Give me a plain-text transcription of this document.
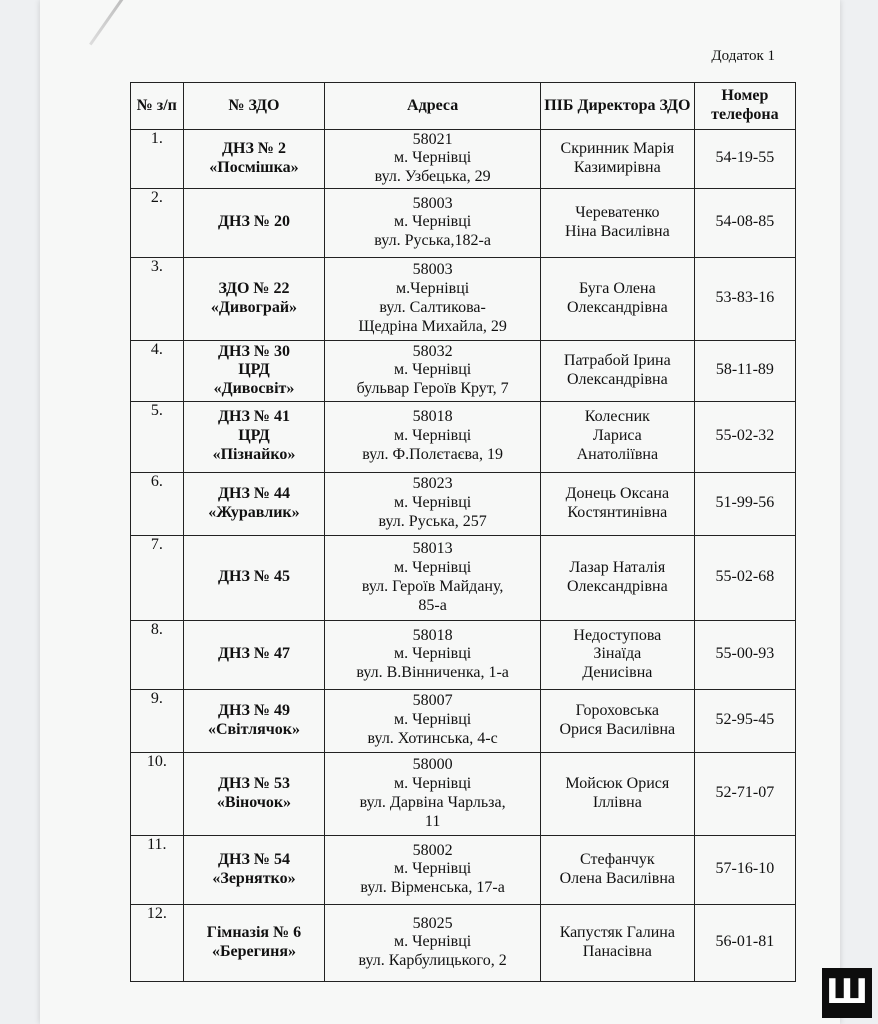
Додаток 1
№ з/п	№ ЗДО	Адреса	ПІБ Директора ЗДО	Номер телефона
1.	ДНЗ № 2
«Посмішка»	58021
м. Чернівці
вул. Узбецька, 29	Скринник Марія
Казимирівна	54-19-55
2.	ДНЗ № 20	58003
м. Чернівці
вул. Руська,182-а	Череватенко
Ніна Василівна	54-08-85
3.	ЗДО № 22
«Дивограй»	58003
м.Чернівці
вул. Салтикова-
Щедріна Михайла, 29	Буга Олена
Олександрівна	53-83-16
4.	ДНЗ № 30
ЦРД
«Дивосвіт»	58032
м. Чернівці
бульвар Героїв Крут, 7	Патрабой Ірина
Олександрівна	58-11-89
5.	ДНЗ № 41
ЦРД
«Пізнайко»	58018
м. Чернівці
вул. Ф.Полєтаєва, 19	Колесник
Лариса
Анатоліївна	55-02-32
6.	ДНЗ № 44
«Журавлик»	58023
м. Чернівці
вул. Руська, 257	Донець Оксана
Костянтинівна	51-99-56
7.	ДНЗ № 45	58013
м. Чернівці
вул. Героїв Майдану,
85-а	Лазар Наталія
Олександрівна	55-02-68
8.	ДНЗ № 47	58018
м. Чернівці
вул. В.Вінниченка, 1-а	Недоступова
Зінаїда
Денисівна	55-00-93
9.	ДНЗ № 49
«Світлячок»	58007
м. Чернівці
вул. Хотинська, 4-с	Гороховська
Орися Василівна	52-95-45
10.	ДНЗ № 53
«Віночок»	58000
м. Чернівці
вул. Дарвіна Чарльза,
11	Мойсюк Орися
Іллівна	52-71-07
11.	ДНЗ № 54
«Зернятко»	58002
м. Чернівці
вул. Вірменська, 17-а	Стефанчук
Олена Василівна	57-16-10
12.	Гімназія № 6
«Берегиня»	58025
м. Чернівці
вул. Карбулицького, 2	Капустяк Галина
Панасівна	56-01-81
Ш
